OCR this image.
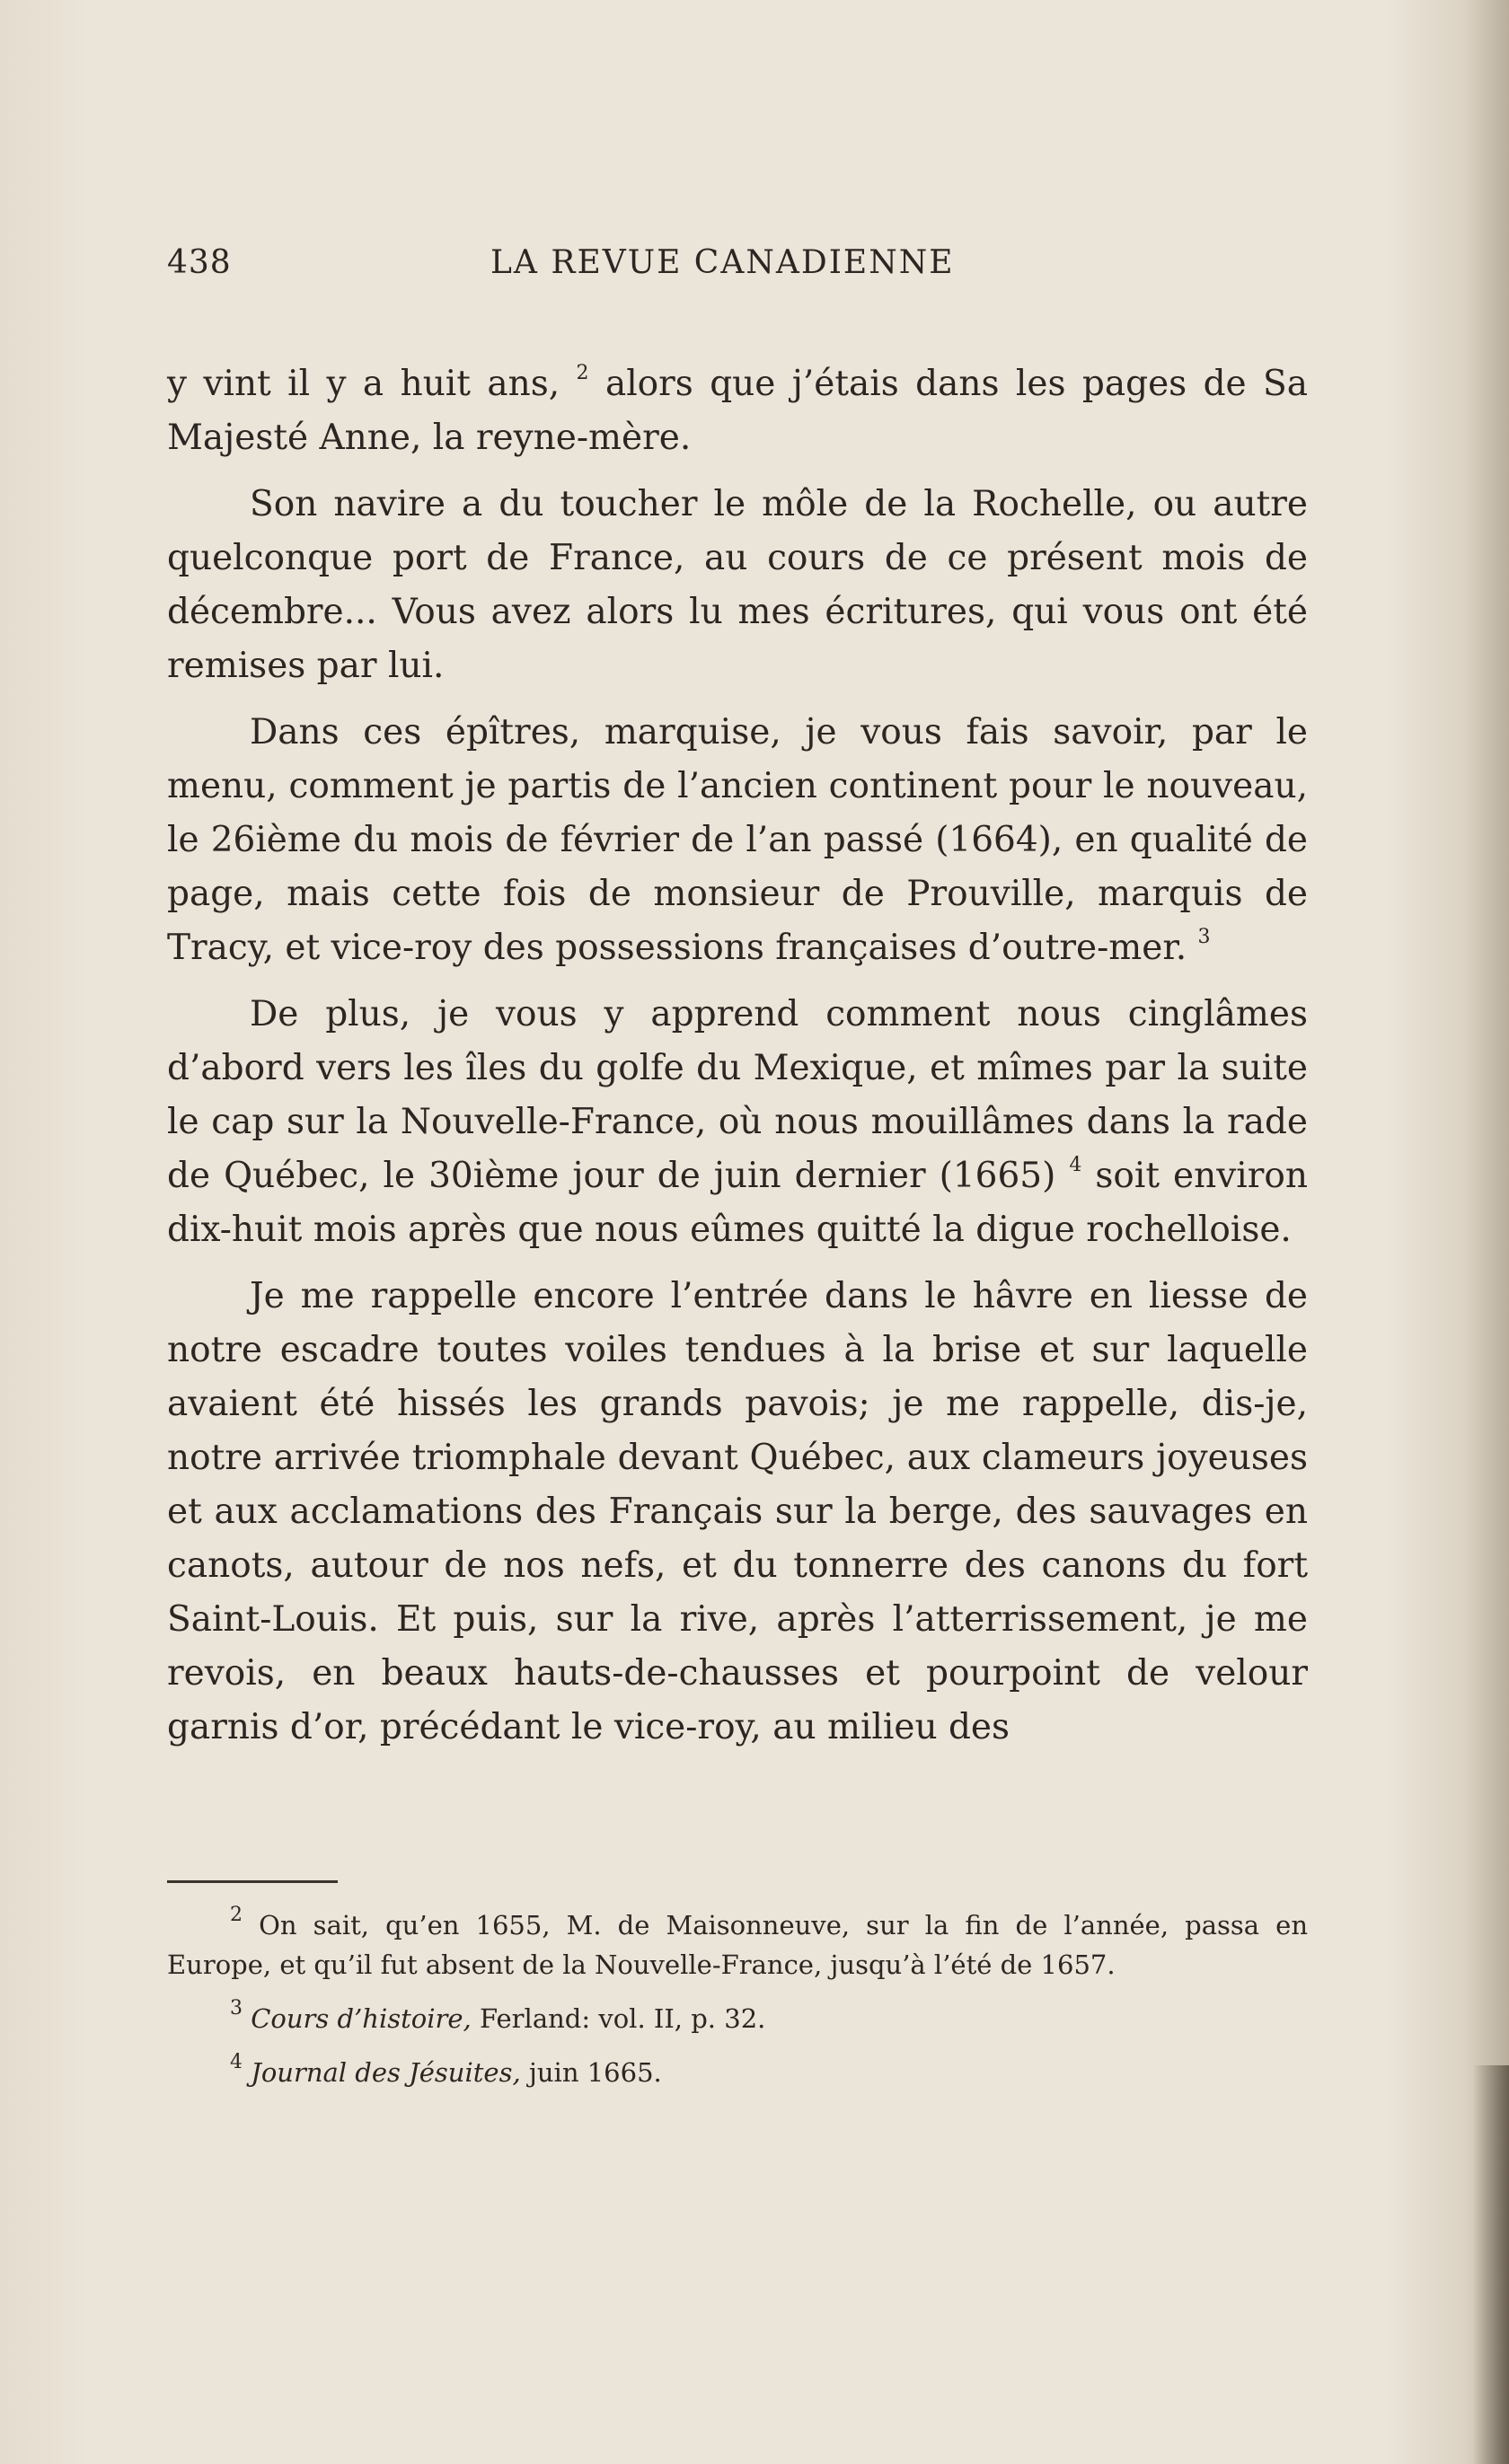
438	LA REVUE CANADIENNE

y vint il y a huit ans, $^2$ alors que j’étais dans les pages de Sa Majesté Anne, la reyne-mère.

Son navire a du toucher le môle de la Rochelle, ou autre quelconque port de France, au cours de ce présent mois de décembre... Vous avez alors lu mes écritures, qui vous ont été remises par lui.

Dans ces épîtres, marquise, je vous fais savoir, par le menu, comment je partis de l’ancien continent pour le nouveau, le 26ième du mois de février de l’an passé (1664), en qualité de page, mais cette fois de monsieur de Prouville, marquis de Tracy, et vice-roy des possessions françaises d’outre-mer. $^3$

De plus, je vous y apprend comment nous cinglâmes d’abord vers les îles du golfe du Mexique, et mîmes par la suite le cap sur la Nouvelle-France, où nous mouillâmes dans la rade de Québec, le 30ième jour de juin dernier (1665) $^4$ soit environ dix-huit mois après que nous eûmes quitté la digue rochelloise.

Je me rappelle encore l’entrée dans le hâvre en liesse de notre escadre toutes voiles tendues à la brise et sur laquelle avaient été hissés les grands pavois; je me rappelle, dis-je, notre arrivée triomphale devant Québec, aux clameurs joyeuses et aux acclamations des Français sur la berge, des sauvages en canots, autour de nos nefs, et du tonnerre des canons du fort Saint-Louis. Et puis, sur la rive, après l’atterrissement, je me revois, en beaux hauts-de-chausses et pourpoint de velour garnis d’or, précédant le vice-roy, au milieu des

$^2$ On sait, qu’en 1655, M. de Maisonneuve, sur la fin de l’année, passa en Europe, et qu’il fut absent de la Nouvelle-France, jusqu’à l’été de 1657.

$^3$ Cours d’histoire, Ferland: vol. II, p. 32.

$^4$ Journal des Jésuites, juin 1665.
